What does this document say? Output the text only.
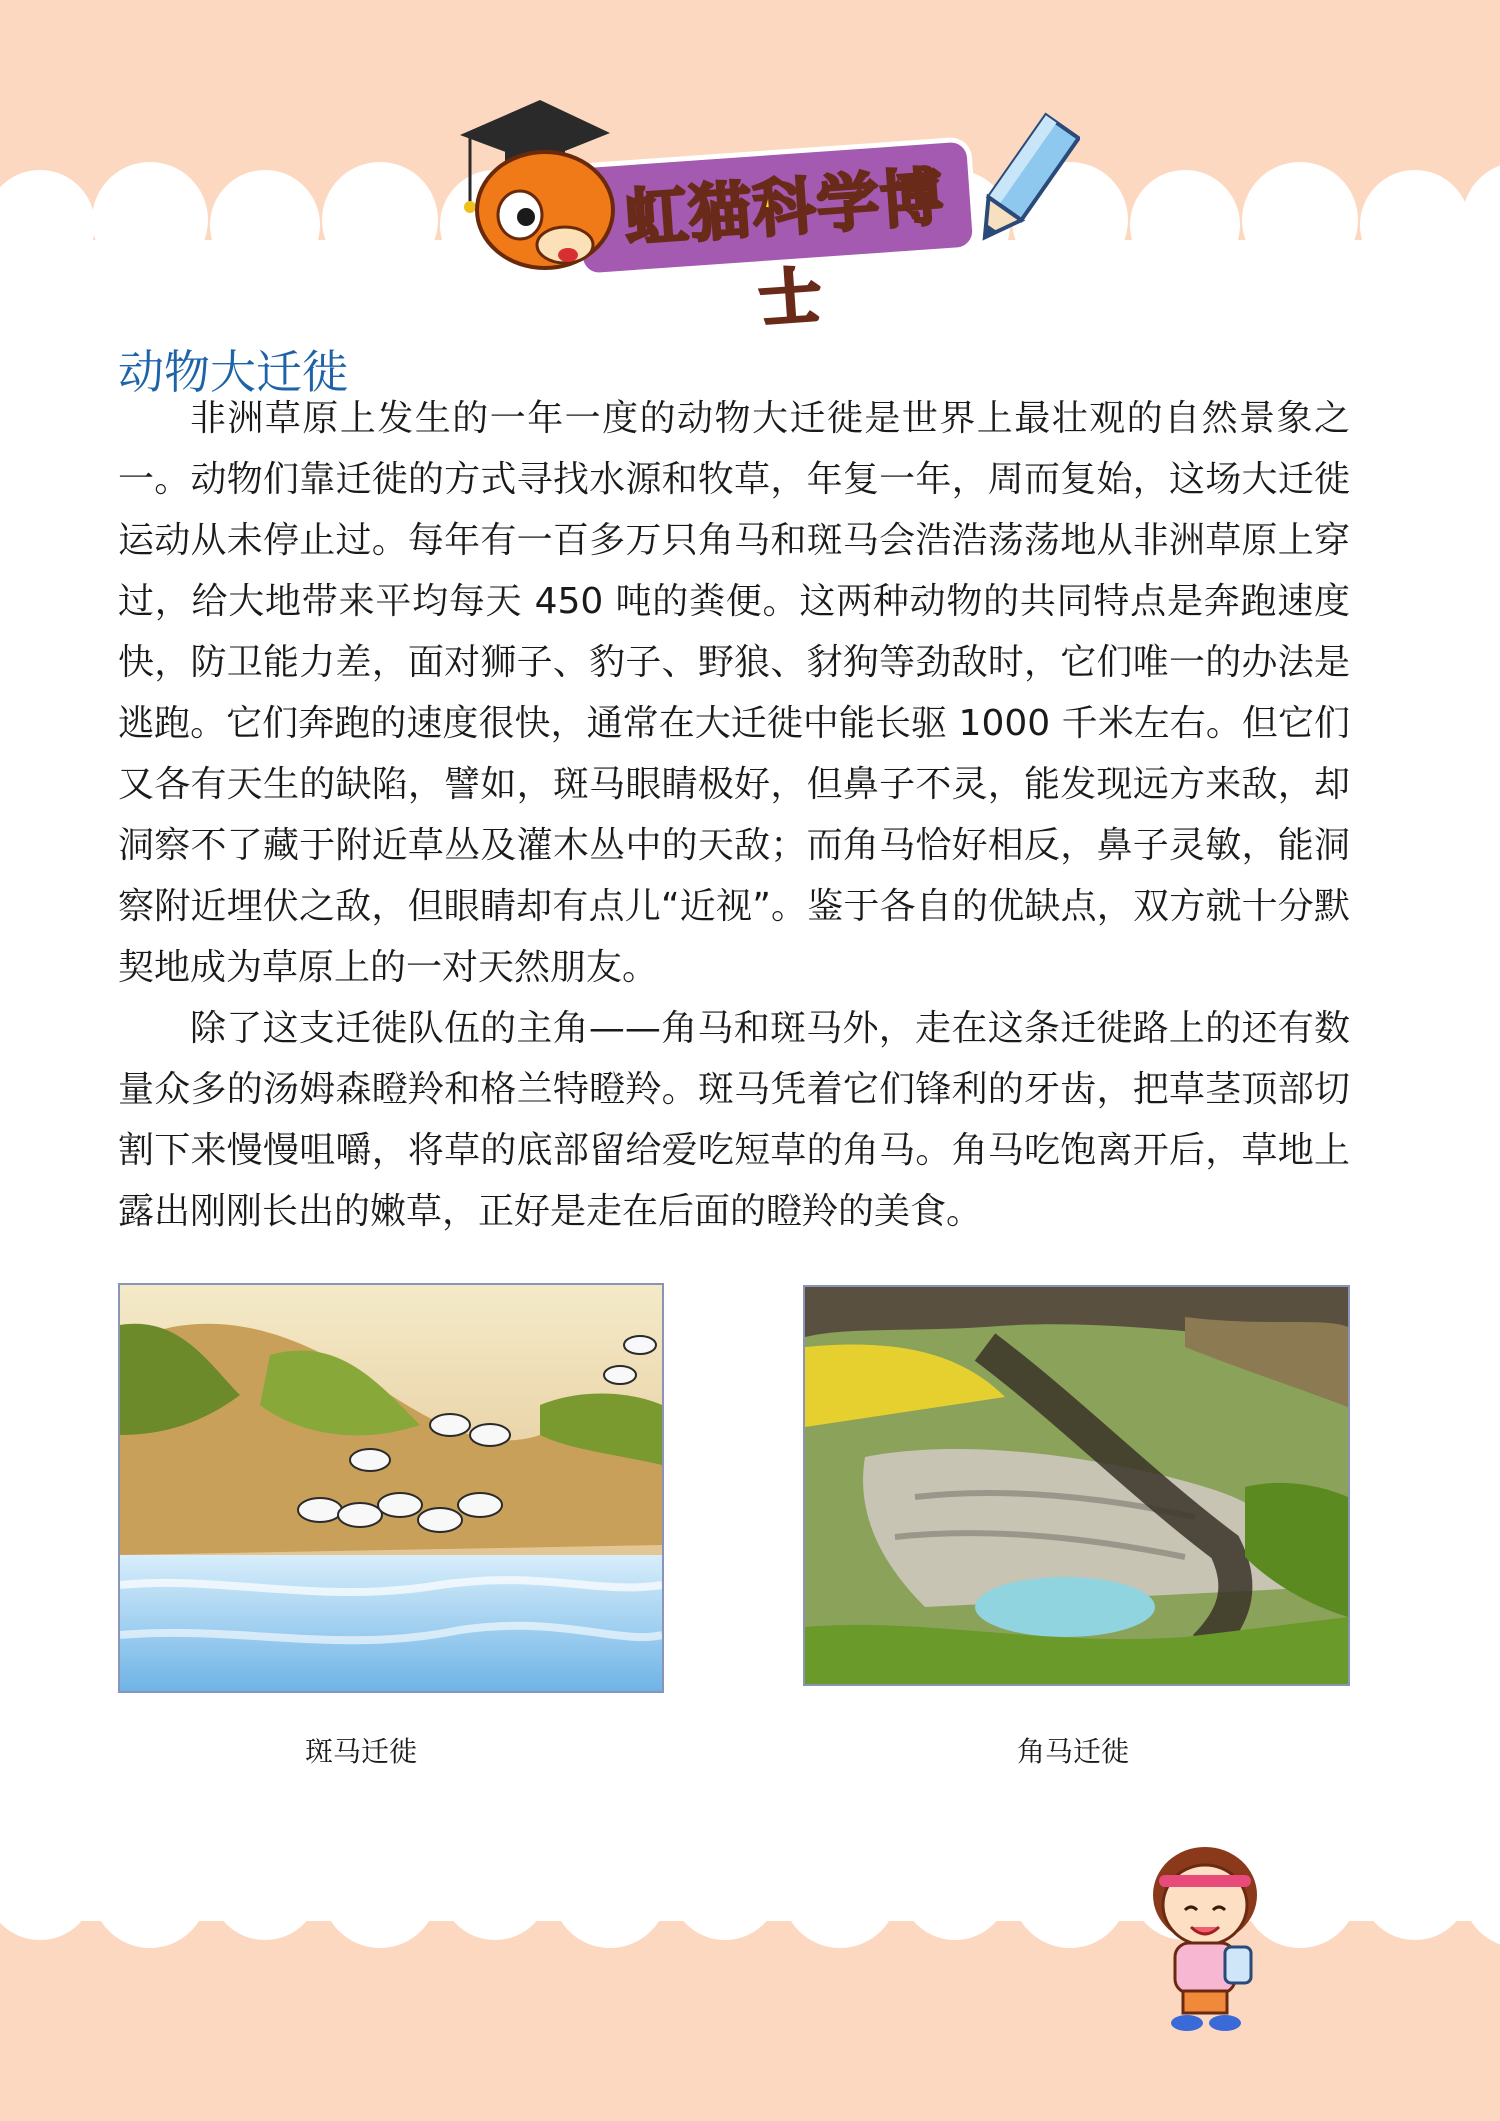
虹猫科学博士
动物大迁徙

非洲草原上发生的一年一度的动物大迁徙是世界上最壮观的自然景象之一。动物们靠迁徙的方式寻找水源和牧草，年复一年，周而复始，这场大迁徙运动从未停止过。每年有一百多万只角马和斑马会浩浩荡荡地从非洲草原上穿过，给大地带来平均每天 450 吨的粪便。这两种动物的共同特点是奔跑速度快，防卫能力差，面对狮子、豹子、野狼、豺狗等劲敌时，它们唯一的办法是逃跑。它们奔跑的速度很快，通常在大迁徙中能长驱 1000 千米左右。但它们又各有天生的缺陷，譬如，斑马眼睛极好，但鼻子不灵，能发现远方来敌，却洞察不了藏于附近草丛及灌木丛中的天敌；而角马恰好相反，鼻子灵敏，能洞察附近埋伏之敌，但眼睛却有点儿“近视”。鉴于各自的优缺点，双方就十分默契地成为草原上的一对天然朋友。

除了这支迁徙队伍的主角——角马和斑马外，走在这条迁徙路上的还有数量众多的汤姆森瞪羚和格兰特瞪羚。斑马凭着它们锋利的牙齿，把草茎顶部切割下来慢慢咀嚼，将草的底部留给爱吃短草的角马。角马吃饱离开后，草地上露出刚刚长出的嫩草，正好是走在后面的瞪羚的美食。

斑马迁徙	角马迁徙
